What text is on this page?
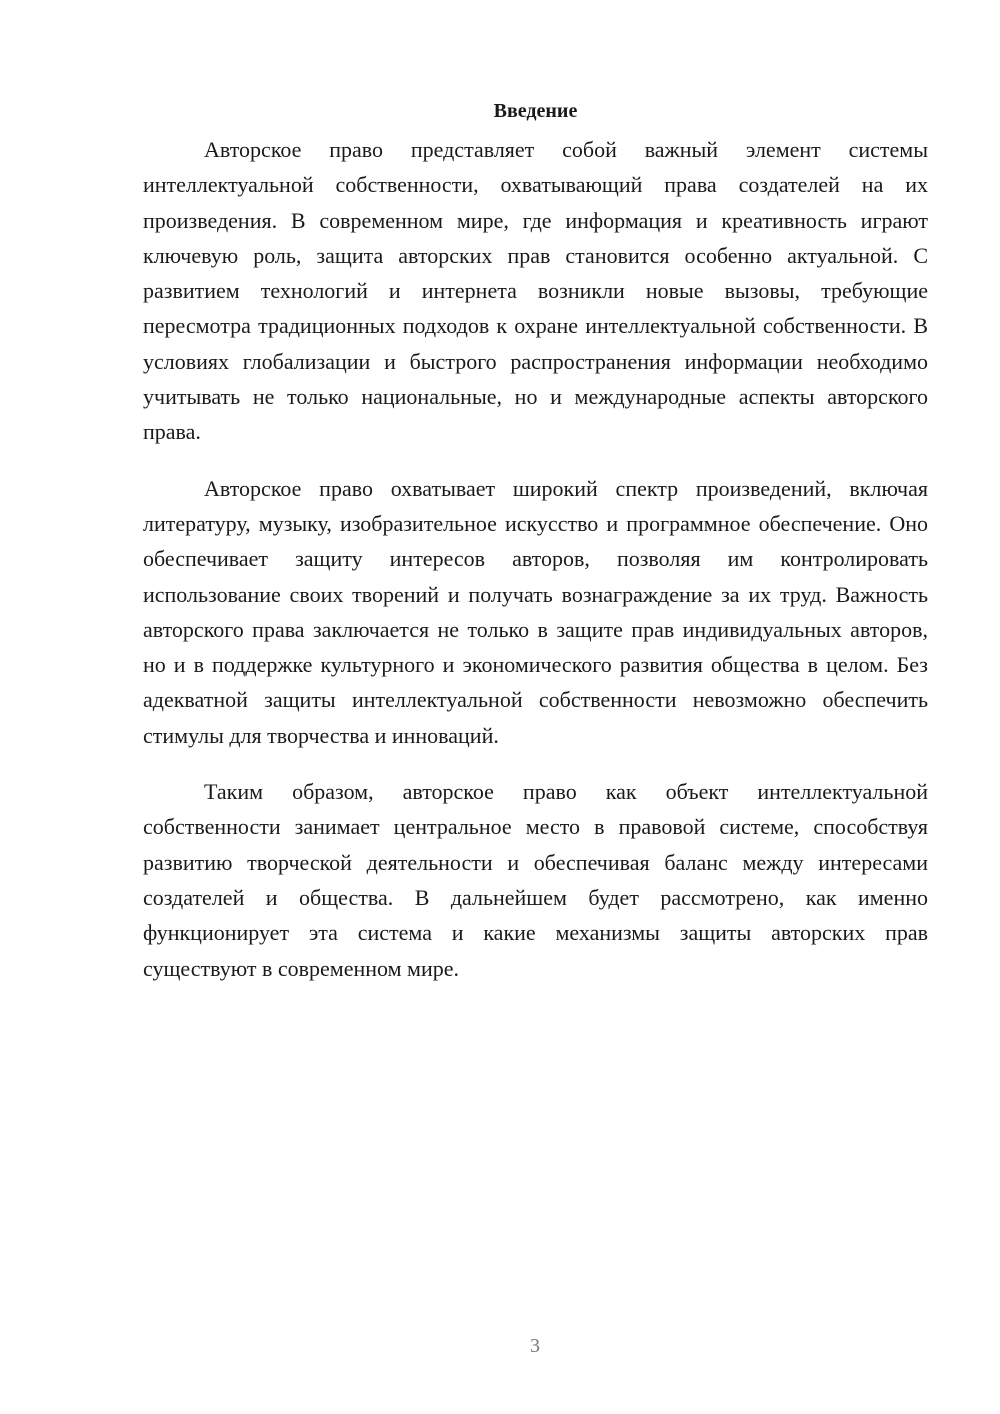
Введение

Авторское право представляет собой важный элемент системы интеллектуальной собственности, охватывающий права создателей на их произведения. В современном мире, где информация и креативность играют ключевую роль, защита авторских прав становится особенно актуальной. С развитием технологий и интернета возникли новые вызовы, требующие пересмотра традиционных подходов к охране интеллектуальной собственности. В условиях глобализации и быстрого распространения информации необходимо учитывать не только национальные, но и международные аспекты авторского права.

Авторское право охватывает широкий спектр произведений, включая литературу, музыку, изобразительное искусство и программное обеспечение. Оно обеспечивает защиту интересов авторов, позволяя им контролировать использование своих творений и получать вознаграждение за их труд. Важность авторского права заключается не только в защите прав индивидуальных авторов, но и в поддержке культурного и экономического развития общества в целом. Без адекватной защиты интеллектуальной собственности невозможно обеспечить стимулы для творчества и инноваций.

Таким образом, авторское право как объект интеллектуальной собственности занимает центральное место в правовой системе, способствуя развитию творческой деятельности и обеспечивая баланс между интересами создателей и общества. В дальнейшем будет рассмотрено, как именно функционирует эта система и какие механизмы защиты авторских прав существуют в современном мире.

3
